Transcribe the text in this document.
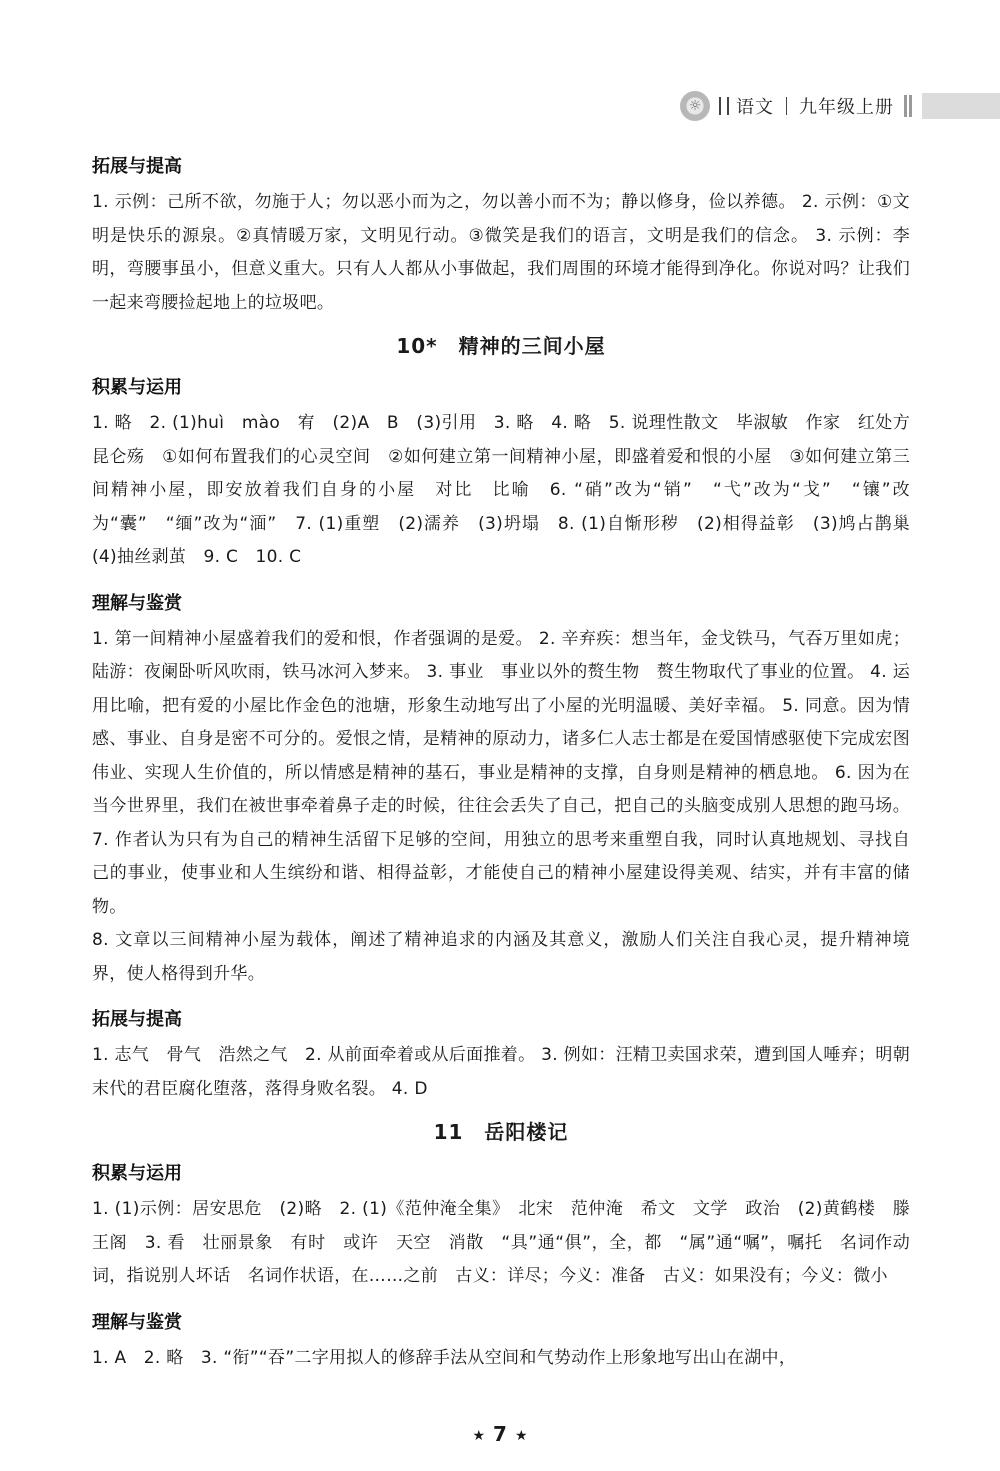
☼	语文 九年级上册
拓展与提高

1. 示例：己所不欲，勿施于人；勿以恶小而为之，勿以善小而不为；静以修身，俭以养德。 2. 示例：①文明是快乐的源泉。②真情暖万家，文明见行动。③微笑是我们的语言，文明是我们的信念。 3. 示例：李明，弯腰事虽小，但意义重大。只有人人都从小事做起，我们周围的环境才能得到净化。你说对吗？让我们一起来弯腰捡起地上的垃圾吧。

10*　精神的三间小屋
积累与运用

1. 略　2. (1)huì　mào　宥　(2)A　B　(3)引用　3. 略　4. 略　5. 说理性散文　毕淑敏　作家　红处方　昆仑殇　①如何布置我们的心灵空间　②如何建立第一间精神小屋，即盛着爱和恨的小屋　③如何建立第三间精神小屋，即安放着我们自身的小屋　对比　比喻　6. “硝”改为“销”　“弋”改为“戈”　“镶”改为“囊”　“缅”改为“湎”　7. (1)重塑　(2)濡养　(3)坍塌　8. (1)自惭形秽　(2)相得益彰　(3)鸠占鹊巢　(4)抽丝剥茧　9. C　10. C

理解与鉴赏

1. 第一间精神小屋盛着我们的爱和恨，作者强调的是爱。 2. 辛弃疾：想当年，金戈铁马，气吞万里如虎；陆游：夜阑卧听风吹雨，铁马冰河入梦来。 3. 事业　事业以外的赘生物　赘生物取代了事业的位置。 4. 运用比喻，把有爱的小屋比作金色的池塘，形象生动地写出了小屋的光明温暖、美好幸福。 5. 同意。因为情感、事业、自身是密不可分的。爱恨之情，是精神的原动力，诸多仁人志士都是在爱国情感驱使下完成宏图伟业、实现人生价值的，所以情感是精神的基石，事业是精神的支撑，自身则是精神的栖息地。 6. 因为在当今世界里，我们在被世事牵着鼻子走的时候，往往会丢失了自己，把自己的头脑变成别人思想的跑马场。 7. 作者认为只有为自己的精神生活留下足够的空间，用独立的思考来重塑自我，同时认真地规划、寻找自己的事业，使事业和人生缤纷和谐、相得益彰，才能使自己的精神小屋建设得美观、结实，并有丰富的储物。

8. 文章以三间精神小屋为载体，阐述了精神追求的内涵及其意义，激励人们关注自我心灵，提升精神境界，使人格得到升华。

拓展与提高

1. 志气　骨气　浩然之气　2. 从前面牵着或从后面推着。 3. 例如：汪精卫卖国求荣，遭到国人唾弃；明朝末代的君臣腐化堕落，落得身败名裂。 4. D

11　岳阳楼记
积累与运用

1. (1)示例：居安思危　(2)略　2. (1)《范仲淹全集》　北宋　范仲淹　希文　文学　政治　(2)黄鹤楼　滕王阁　3. 看　壮丽景象　有时　或许　天空　消散　“具”通“俱”，全，都　“属”通“嘱”，嘱托　名词作动词，指说别人坏话　名词作状语，在……之前　古义：详尽；今义：准备　古义：如果没有；今义：微小

理解与鉴赏

1. A　2. 略　3. “衔”“吞”二字用拟人的修辞手法从空间和气势动作上形象地写出山在湖中，

★ 7 ★
